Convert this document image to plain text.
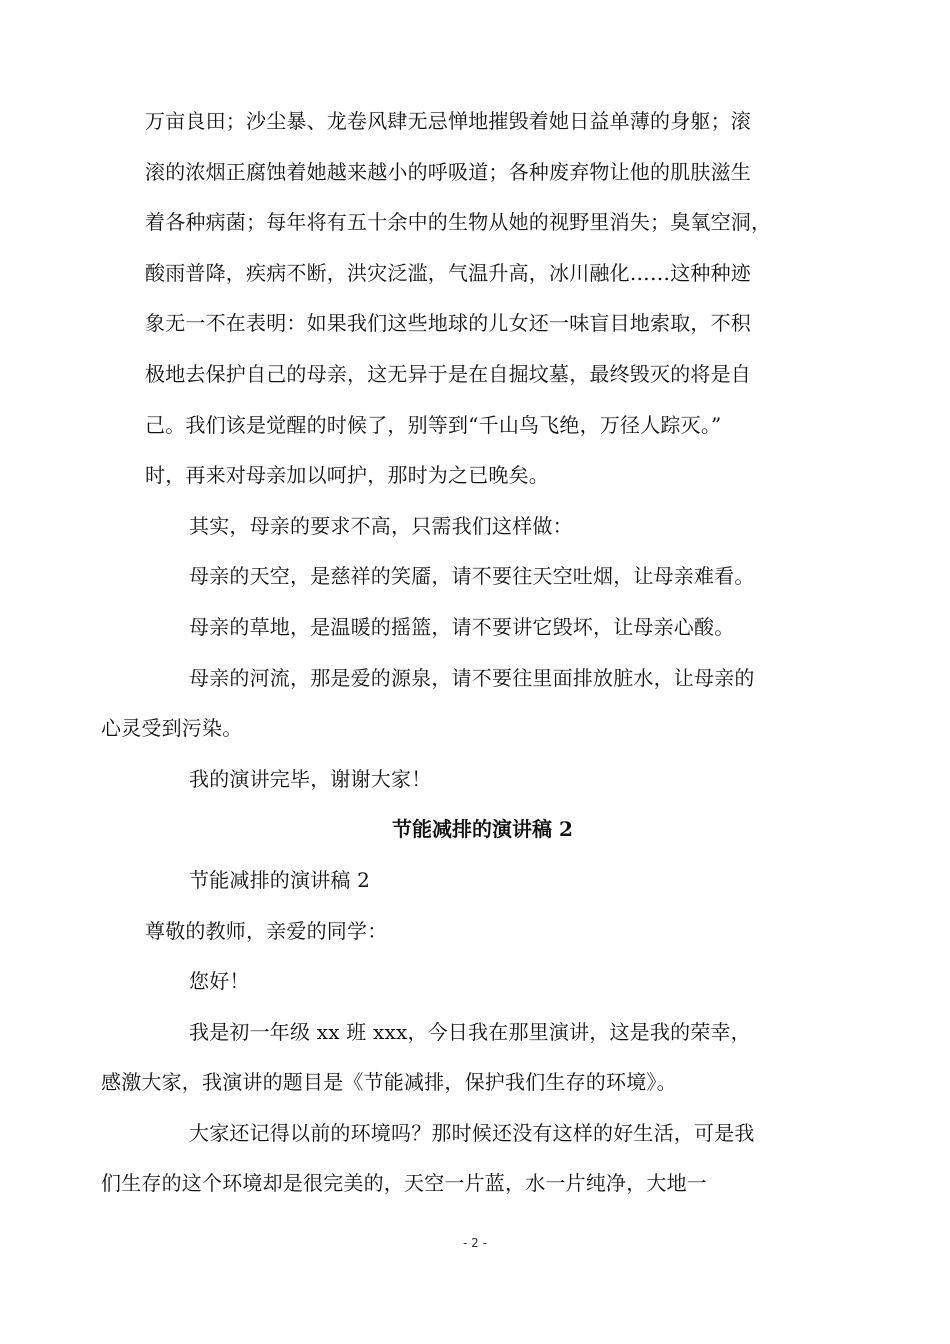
万亩良田；沙尘暴、龙卷风肆无忌惮地摧毁着她日益单薄的身躯；滚
滚的浓烟正腐蚀着她越来越小的呼吸道；各种废弃物让他的肌肤滋生
着各种病菌；每年将有五十余中的生物从她的视野里消失；臭氧空洞，
酸雨普降，疾病不断，洪灾泛滥，气温升高，冰川融化……这种种迹
象无一不在表明：如果我们这些地球的儿女还一味盲目地索取，不积
极地去保护自己的母亲，这无异于是在自掘坟墓，最终毁灭的将是自
己。我们该是觉醒的时候了，别等到“千山鸟飞绝，万径人踪灭。”
时，再来对母亲加以呵护，那时为之已晚矣。

其实，母亲的要求不高，只需我们这样做：

母亲的天空，是慈祥的笑靥，请不要往天空吐烟，让母亲难看。

母亲的草地，是温暖的摇篮，请不要讲它毁坏，让母亲心酸。

母亲的河流，那是爱的源泉，请不要往里面排放脏水，让母亲的
心灵受到污染。

我的演讲完毕，谢谢大家！

节能减排的演讲稿 2

节能减排的演讲稿 2

尊敬的教师，亲爱的同学：

您好！

我是初一年级 xx 班 xxx，今日我在那里演讲，这是我的荣幸，
感激大家，我演讲的题目是《节能减排，保护我们生存的环境》。

大家还记得以前的环境吗？那时候还没有这样的好生活，可是我
们生存的这个环境却是很完美的，天空一片蓝，水一片纯净，大地一

- 2 -
